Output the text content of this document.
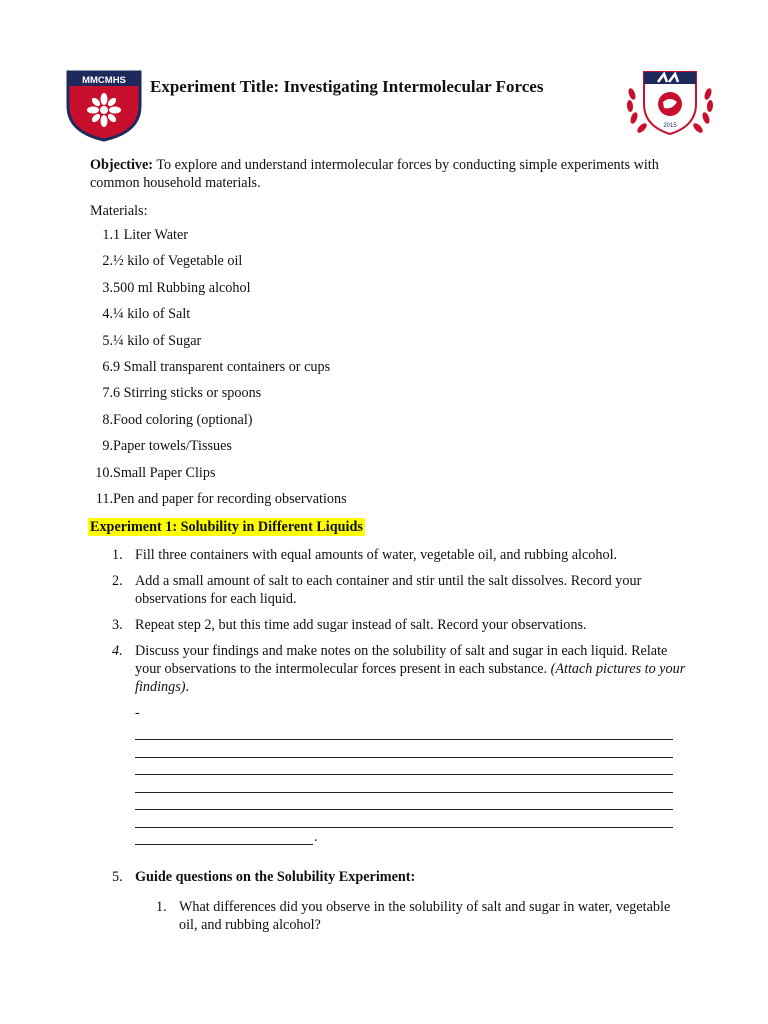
MMCMHS Experiment Title: Investigating Intermolecular Forces
2015

Objective: To explore and understand intermolecular forces by conducting simple experiments with common household materials.

Materials:

1. 1 Liter Water
2. ½ kilo of Vegetable oil
3. 500 ml Rubbing alcohol
4. ¼ kilo of Salt
5. ¼ kilo of Sugar
6. 9 Small transparent containers or cups
7. 6 Stirring sticks or spoons
8. Food coloring (optional)
9. Paper towels/Tissues
10. Small Paper Clips
11. Pen and paper for recording observations
Experiment 1: Solubility in Different Liquids
1. Fill three containers with equal amounts of water, vegetable oil, and rubbing alcohol.
2. Add a small amount of salt to each container and stir until the salt dissolves. Record your observations for each liquid.
3. Repeat step 2, but this time add sugar instead of salt. Record your observations.
4. Discuss your findings and make notes on the solubility of salt and sugar in each liquid. Relate your observations to the intermolecular forces present in each substance. (Attach pictures to your findings).
-
.
5. Guide questions on the Solubility Experiment:
1. What differences did you observe in the solubility of salt and sugar in water, vegetable oil, and rubbing alcohol?
